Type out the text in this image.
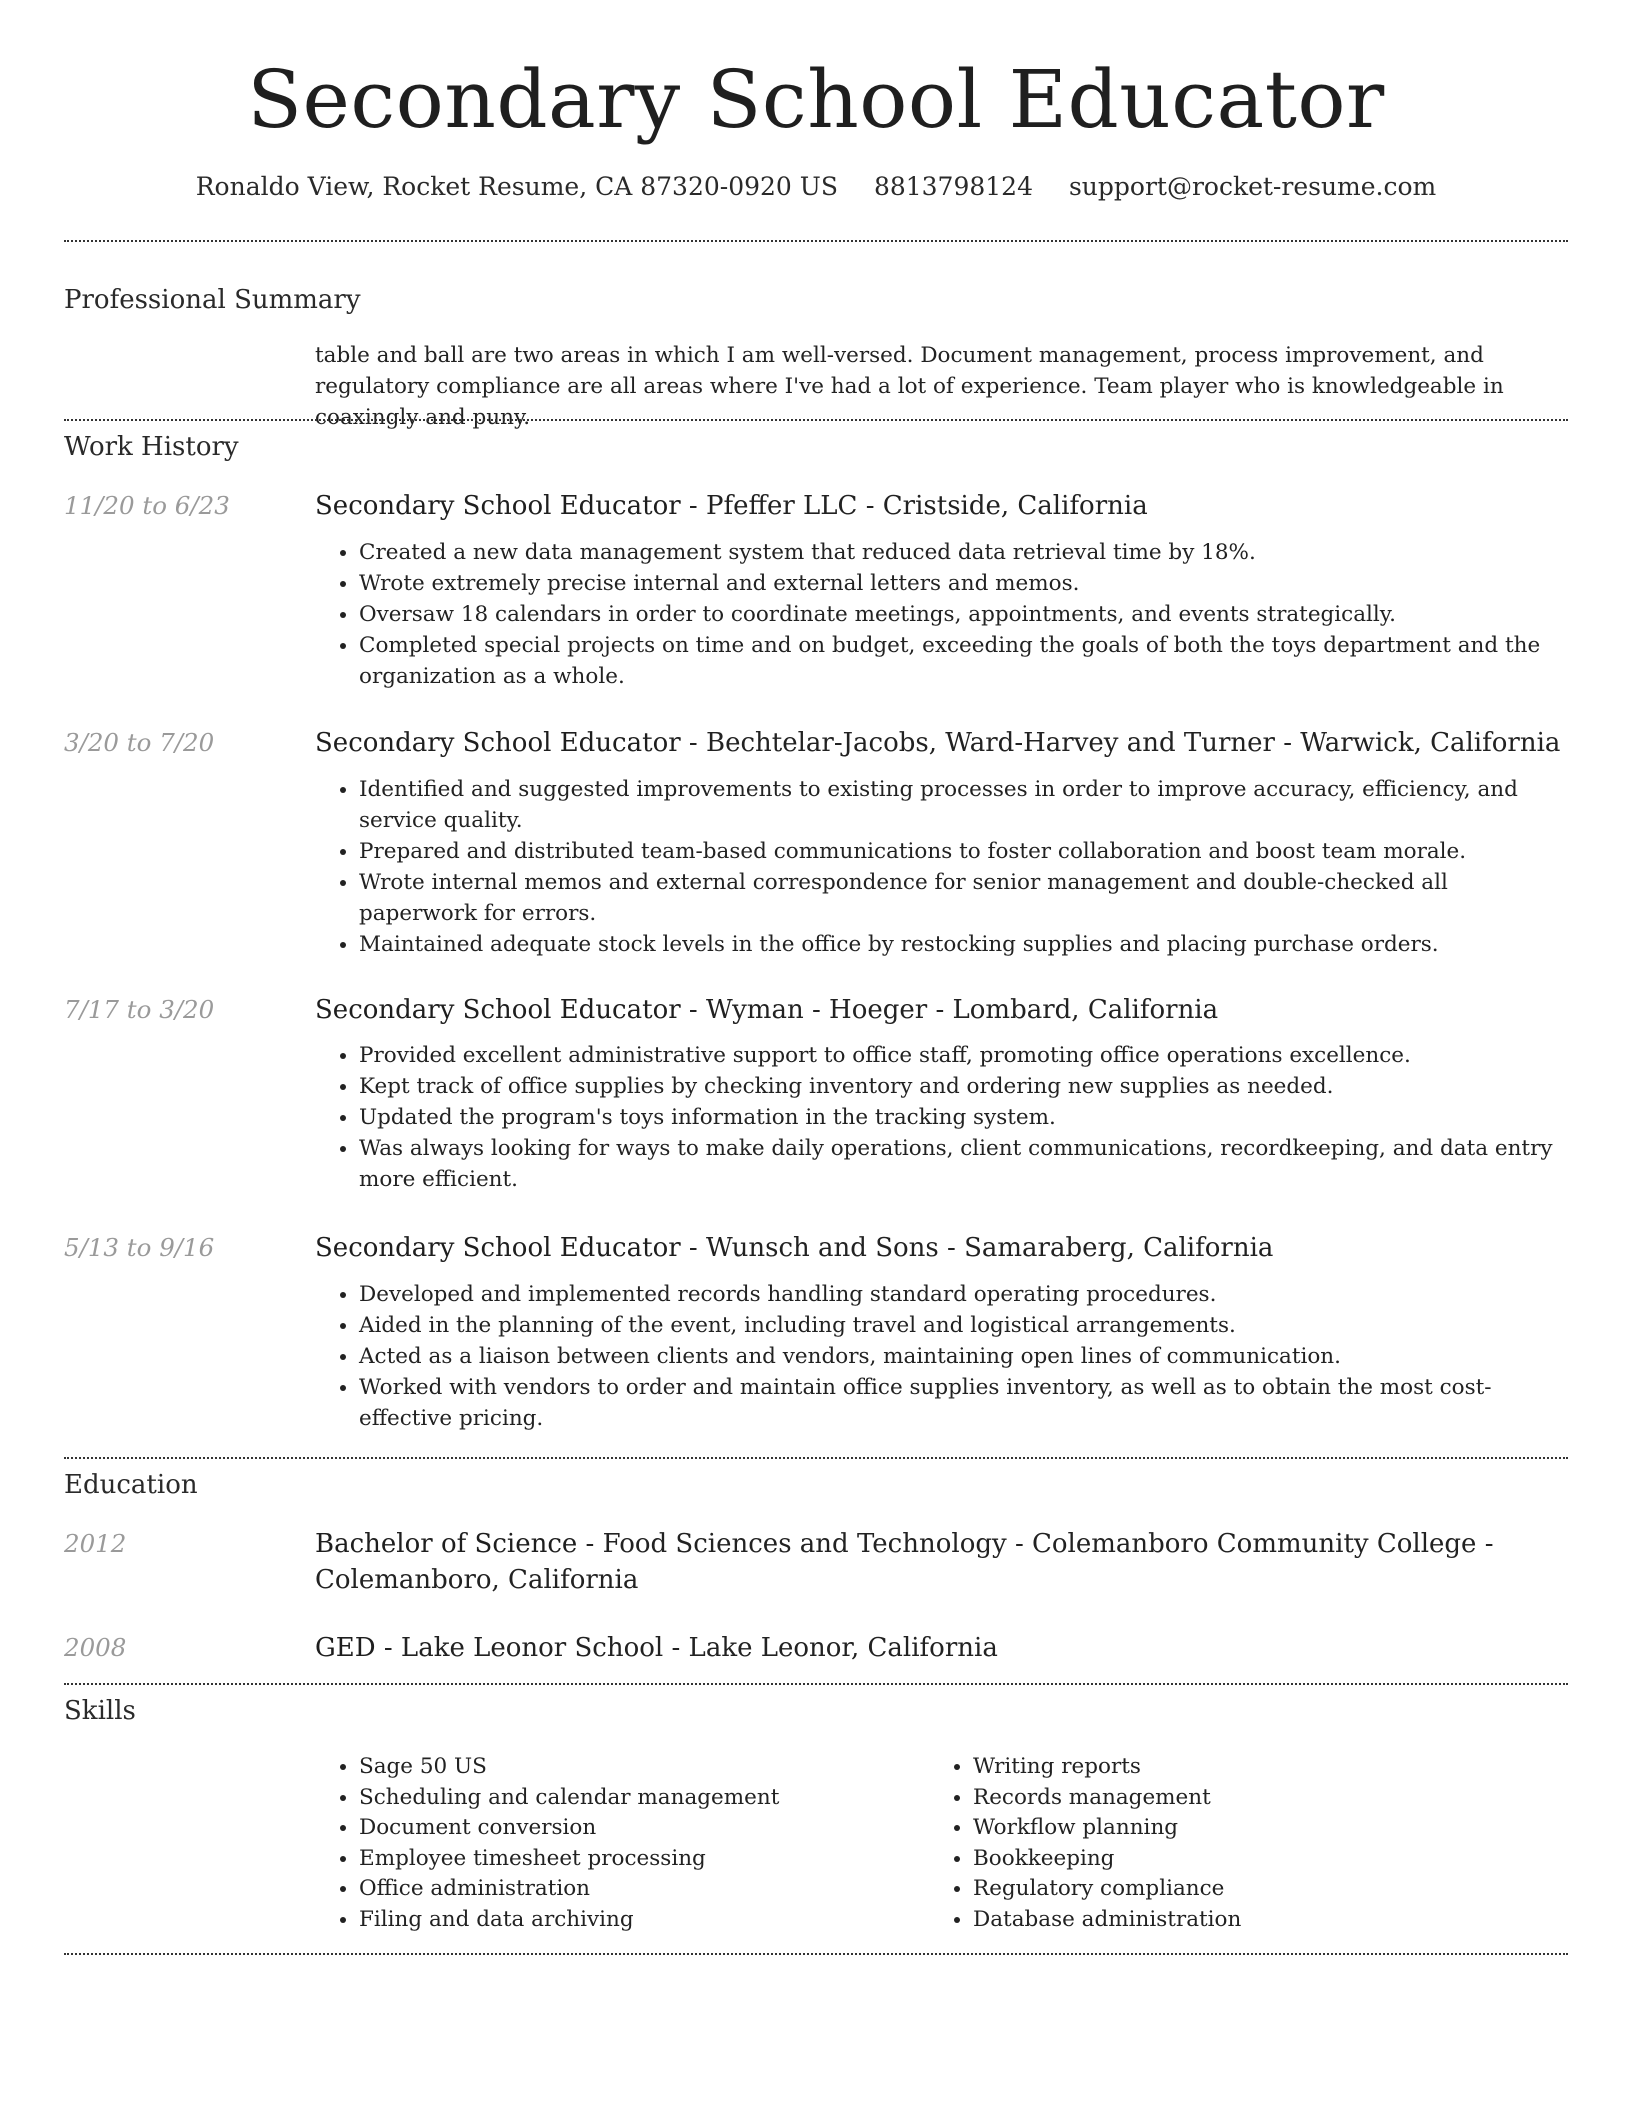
Secondary School Educator
Ronaldo View, Rocket Resume, CA 87320-0920 US 8813798124 support@rocket-resume.com
Professional Summary
table and ball are two areas in which I am well-versed. Document management, process improvement, and regulatory compliance are all areas where I've had a lot of experience. Team player who is knowledgeable in coaxingly and puny.
Work History
11/20 to 6/23	Secondary School Educator - Pfeffer LLC - Cristside, California
• Created a new data management system that reduced data retrieval time by 18%.
• Wrote extremely precise internal and external letters and memos.
• Oversaw 18 calendars in order to coordinate meetings, appointments, and events strategically.
• Completed special projects on time and on budget, exceeding the goals of both the toys department and the organization as a whole.
3/20 to 7/20	Secondary School Educator - Bechtelar-Jacobs, Ward-Harvey and Turner - Warwick, California
• Identified and suggested improvements to existing processes in order to improve accuracy, efficiency, and service quality.
• Prepared and distributed team-based communications to foster collaboration and boost team morale.
• Wrote internal memos and external correspondence for senior management and double-checked all paperwork for errors.
• Maintained adequate stock levels in the office by restocking supplies and placing purchase orders.
7/17 to 3/20	Secondary School Educator - Wyman - Hoeger - Lombard, California
• Provided excellent administrative support to office staff, promoting office operations excellence.
• Kept track of office supplies by checking inventory and ordering new supplies as needed.
• Updated the program's toys information in the tracking system.
• Was always looking for ways to make daily operations, client communications, recordkeeping, and data entry more efficient.
5/13 to 9/16	Secondary School Educator - Wunsch and Sons - Samaraberg, California
• Developed and implemented records handling standard operating procedures.
• Aided in the planning of the event, including travel and logistical arrangements.
• Acted as a liaison between clients and vendors, maintaining open lines of communication.
• Worked with vendors to order and maintain office supplies inventory, as well as to obtain the most cost-effective pricing.
Education
2012	Bachelor of Science - Food Sciences and Technology - Colemanboro Community College - Colemanboro, California
2008	GED - Lake Leonor School - Lake Leonor, California
Skills
• Sage 50 US
• Scheduling and calendar management
• Document conversion
• Employee timesheet processing
• Office administration
• Filing and data archiving
• Writing reports
• Records management
• Workflow planning
• Bookkeeping
• Regulatory compliance
• Database administration
